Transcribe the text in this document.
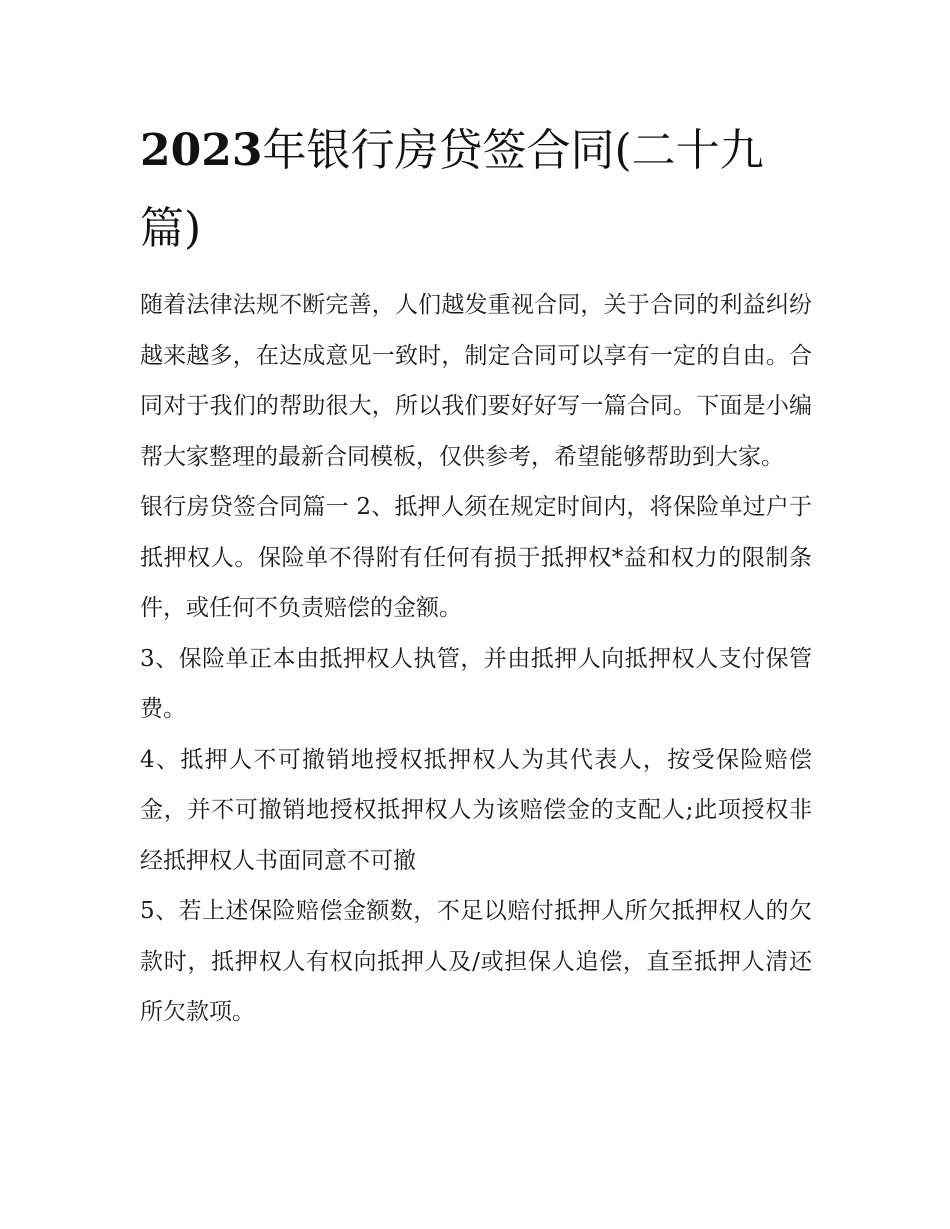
2023年银行房贷签合同(二十九篇)

随着法律法规不断完善，人们越发重视合同，关于合同的利益纠纷越来越多，在达成意见一致时，制定合同可以享有一定的自由。合同对于我们的帮助很大，所以我们要好好写一篇合同。下面是小编帮大家整理的最新合同模板，仅供参考，希望能够帮助到大家。

银行房贷签合同篇一 2、抵押人须在规定时间内，将保险单过户于抵押权人。保险单不得附有任何有损于抵押权*益和权力的限制条件，或任何不负责赔偿的金额。

3、保险单正本由抵押权人执管，并由抵押人向抵押权人支付保管费。

4、抵押人不可撤销地授权抵押权人为其代表人，按受保险赔偿金，并不可撤销地授权抵押权人为该赔偿金的支配人;此项授权非经抵押权人书面同意不可撤

5、若上述保险赔偿金额数，不足以赔付抵押人所欠抵押权人的欠款时，抵押权人有权向抵押人及/或担保人追偿，直至抵押人清还所欠款项。
